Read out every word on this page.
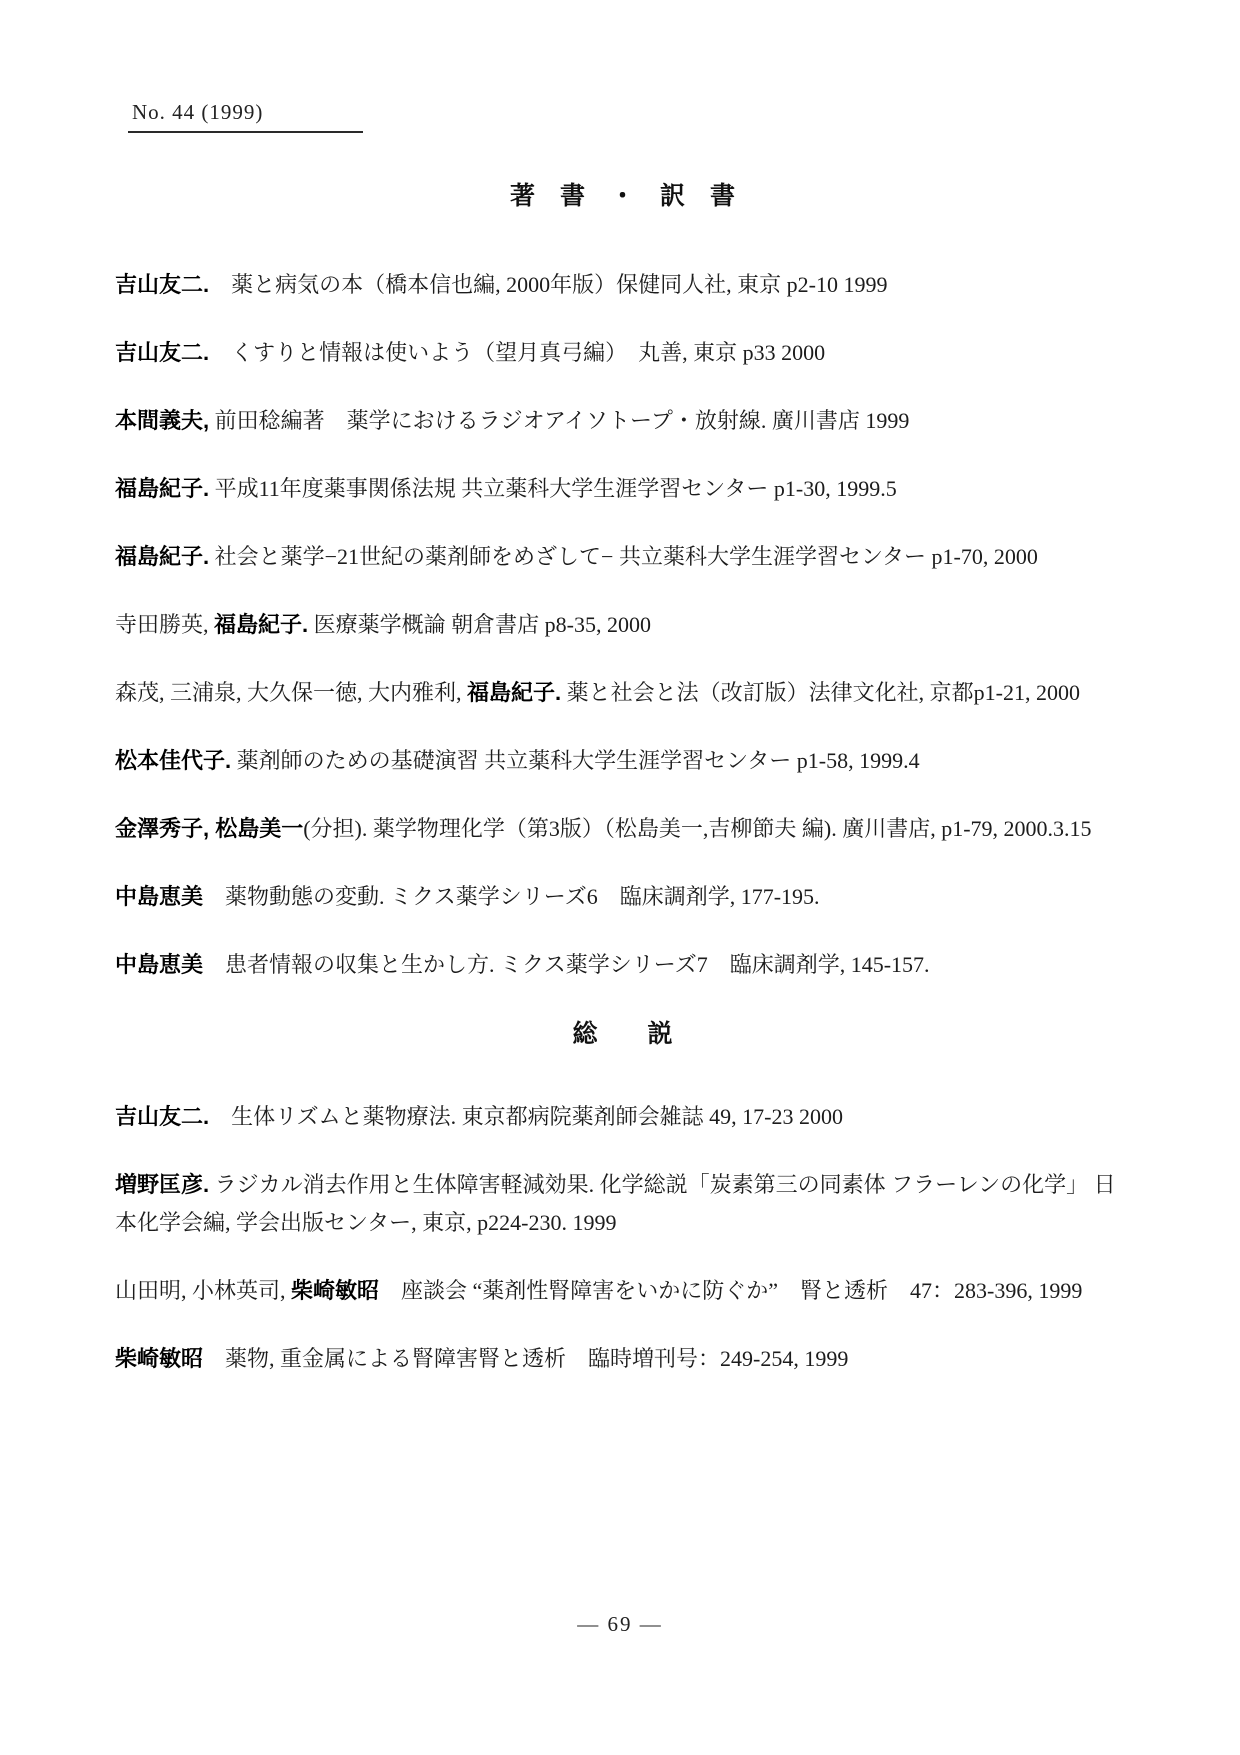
No. 44 (1999)
著　書　・　訳　書

吉山友二.　薬と病気の本（橋本信也編, 2000年版）保健同人社, 東京 p2-10 1999

吉山友二.　くすりと情報は使いよう（望月真弓編）　丸善, 東京 p33 2000

本間義夫, 前田稔編著　薬学におけるラジオアイソトープ・放射線. 廣川書店 1999

福島紀子. 平成11年度薬事関係法規 共立薬科大学生涯学習センター p1-30, 1999.5

福島紀子. 社会と薬学−21世紀の薬剤師をめざして− 共立薬科大学生涯学習センター p1-70, 2000

寺田勝英, 福島紀子. 医療薬学概論 朝倉書店 p8-35, 2000

森茂, 三浦泉, 大久保一徳, 大内雅利, 福島紀子. 薬と社会と法（改訂版）法律文化社, 京都p1-21, 2000

松本佳代子. 薬剤師のための基礎演習 共立薬科大学生涯学習センター p1-58, 1999.4

金澤秀子, 松島美一(分担). 薬学物理化学（第3版）（松島美一,吉柳節夫 編). 廣川書店, p1-79, 2000.3.15

中島恵美　薬物動態の変動. ミクス薬学シリーズ6　臨床調剤学, 177-195.

中島恵美　患者情報の収集と生かし方. ミクス薬学シリーズ7　臨床調剤学, 145-157.

総　　説

吉山友二.　生体リズムと薬物療法. 東京都病院薬剤師会雑誌 49, 17-23 2000

増野匡彦. ラジカル消去作用と生体障害軽減効果. 化学総説「炭素第三の同素体 フラーレンの化学」 日本化学会編, 学会出版センター, 東京, p224-230. 1999

山田明, 小林英司, 柴崎敏昭　座談会 “薬剤性腎障害をいかに防ぐか”　腎と透析　47：283-396, 1999

柴崎敏昭　薬物, 重金属による腎障害腎と透析　臨時増刊号：249-254, 1999

— 69 —
